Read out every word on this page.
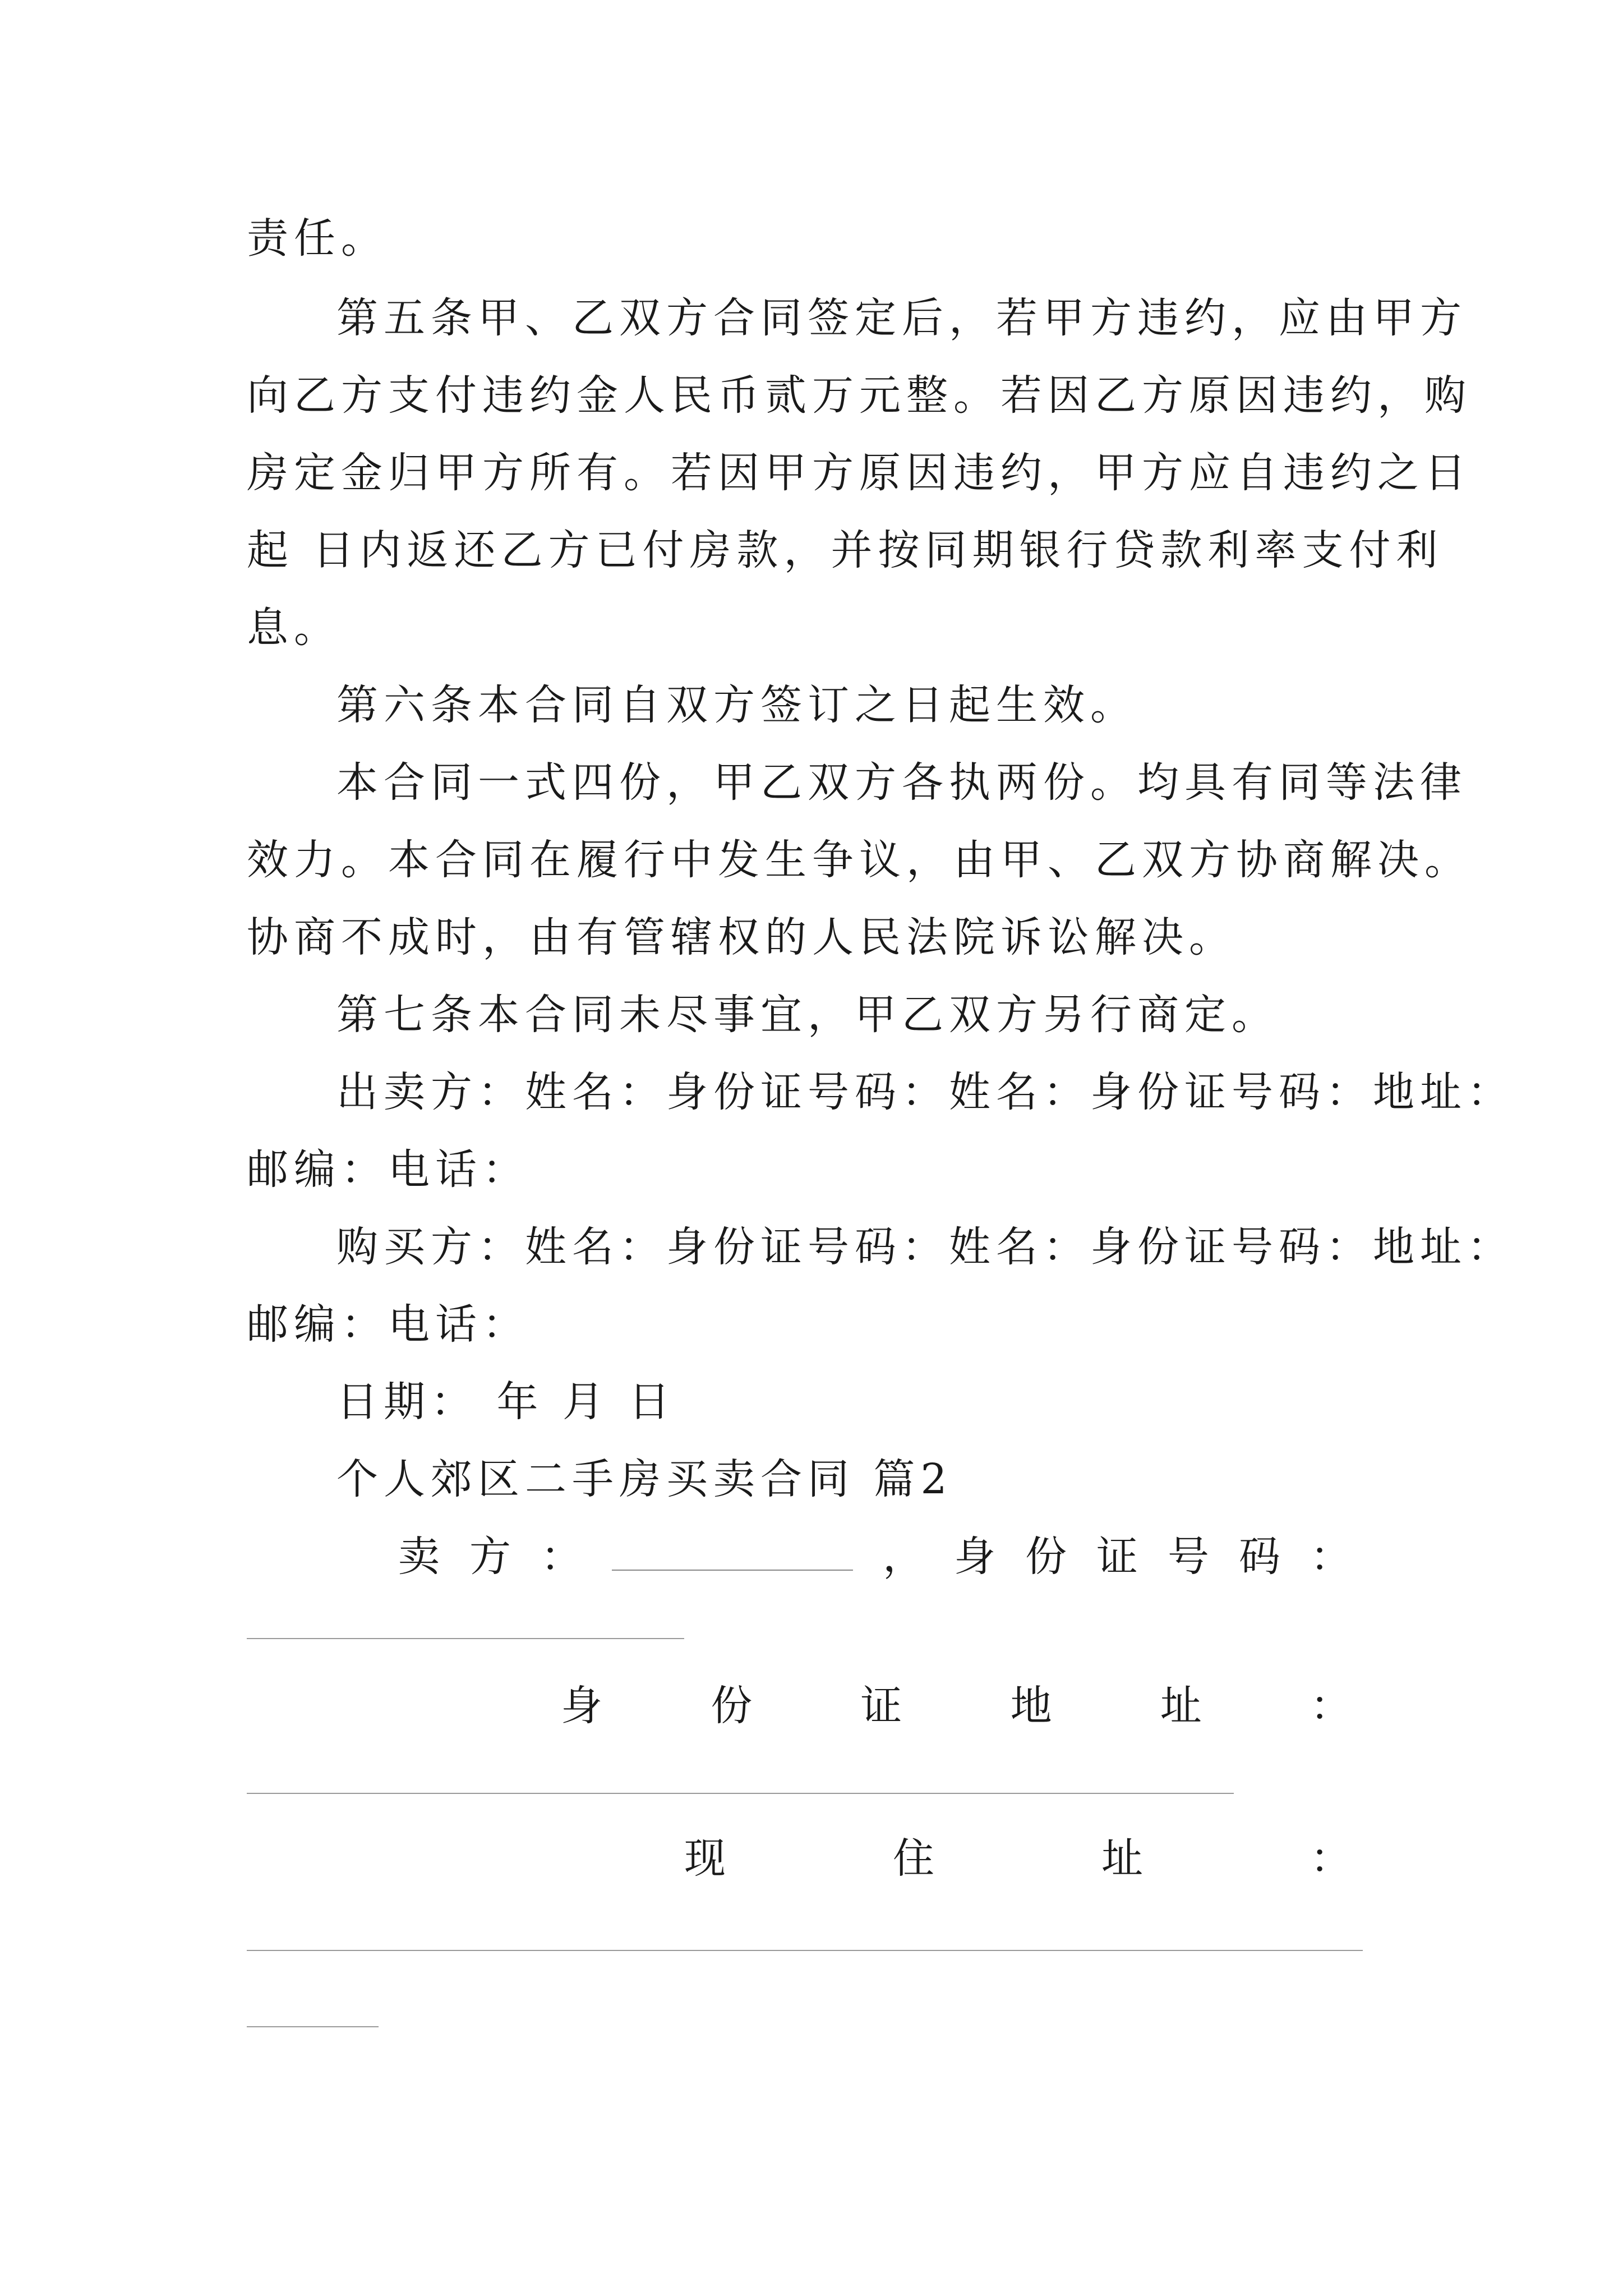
责任。
第五条甲、乙双方合同签定后，若甲方违约，应由甲方
向乙方支付违约金人民币贰万元整。若因乙方原因违约，购
房定金归甲方所有。若因甲方原因违约，甲方应自违约之日
起 日内返还乙方已付房款，并按同期银行贷款利率支付利
息。
第六条本合同自双方签订之日起生效。
本合同一式四份，甲乙双方各执两份。均具有同等法律
效力。本合同在履行中发生争议，由甲、乙双方协商解决。
协商不成时，由有管辖权的人民法院诉讼解决。
第七条本合同未尽事宜，甲乙双方另行商定。
出卖方：姓名：身份证号码：姓名：身份证号码：地址：
邮编：电话：
购买方：姓名：身份证号码：姓名：身份证号码：地址：
邮编：电话：
日期： 年 月 日
个人郊区二手房买卖合同 篇2
卖 方 ：	， 身 份 证 号 码 ：
身	份	证	地	址	：
现	住	址	：
